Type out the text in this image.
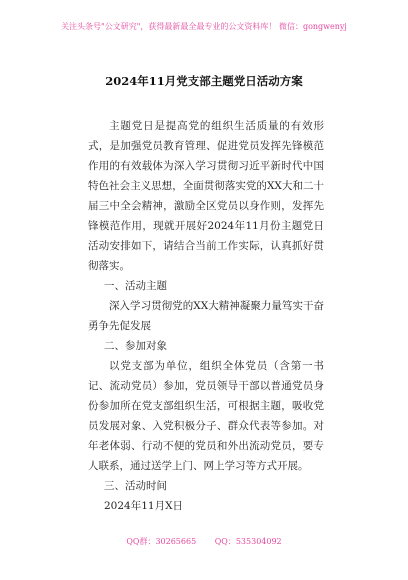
关注头条号"公文研究"，获得最新最全最专业的公文资料库！ 微信：gongwenyj
2024年11月党支部主题党日活动方案
主题党日是提高党的组织生活质量的有效形式，是加强党员教育管理、促进党员发挥先锋模范作用的有效载体为深入学习贯彻习近平新时代中国特色社会主义思想，全面贯彻落实党的XX大和二十届三中全会精神，激励全区党员以身作则，发挥先锋模范作用，现就开展好2024年11月份主题党日活动安排如下，请结合当前工作实际，认真抓好贯彻落实。
一、活动主题
深入学习贯彻党的XX大精神凝聚力量笃实干奋勇争先促发展
二、参加对象
以党支部为单位，组织全体党员（含第一书记、流动党员）参加，党员领导干部以普通党员身份参加所在党支部组织生活，可根据主题，吸收党员发展对象、入党积极分子、群众代表等参加。对年老体弱、行动不便的党员和外出流动党员，要专人联系，通过送学上门、网上学习等方式开展。
三、活动时间
2024年11月X日
QQ群：30265665 QQ：535304092
